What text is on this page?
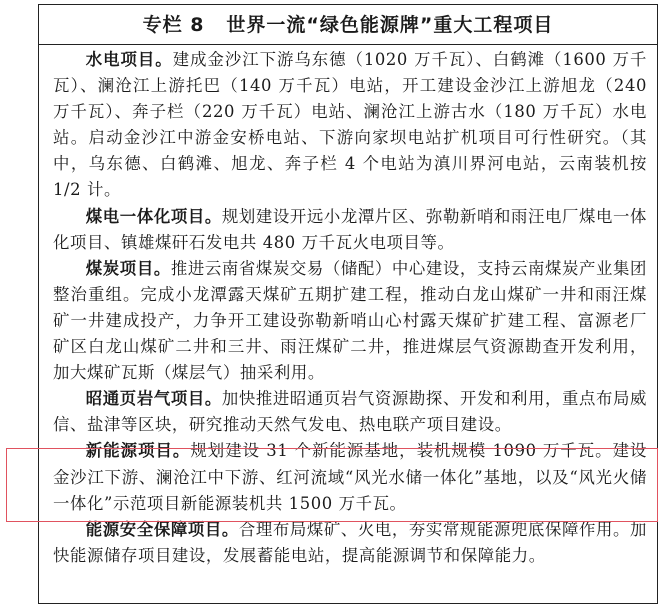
专栏 8 世界一流“绿色能源牌”重大工程项目

水电项目。建成金沙江下游乌东德（1020 万千瓦）、白鹤滩（1600 万千瓦）、澜沧江上游托巴（140 万千瓦）电站，开工建设金沙江上游旭龙（240 万千瓦）、奔子栏（220 万千瓦）电站、澜沧江上游古水（180 万千瓦）水电站。启动金沙江中游金安桥电站、下游向家坝电站扩机项目可行性研究。（其中，乌东德、白鹤滩、旭龙、奔子栏 4 个电站为滇川界河电站，云南装机按 1/2 计。

煤电一体化项目。规划建设开远小龙潭片区、弥勒新哨和雨汪电厂煤电一体化项目、镇雄煤矸石发电共 480 万千瓦火电项目等。

煤炭项目。推进云南省煤炭交易（储配）中心建设，支持云南煤炭产业集团整治重组。完成小龙潭露天煤矿五期扩建工程，推动白龙山煤矿一井和雨汪煤矿一井建成投产，力争开工建设弥勒新哨山心村露天煤矿扩建工程、富源老厂矿区白龙山煤矿二井和三井、雨汪煤矿二井，推进煤层气资源勘查开发利用，加大煤矿瓦斯（煤层气）抽采利用。

昭通页岩气项目。加快推进昭通页岩气资源勘探、开发和利用，重点布局威信、盐津等区块，研究推动天然气发电、热电联产项目建设。

新能源项目。规划建设 31 个新能源基地，装机规模 1090 万千瓦。建设金沙江下游、澜沧江中下游、红河流域“风光水储一体化”基地，以及“风光火储一体化”示范项目新能源装机共 1500 万千瓦。

能源安全保障项目。合理布局煤矿、火电，夯实常规能源兜底保障作用。加快能源储存项目建设，发展蓄能电站，提高能源调节和保障能力。
